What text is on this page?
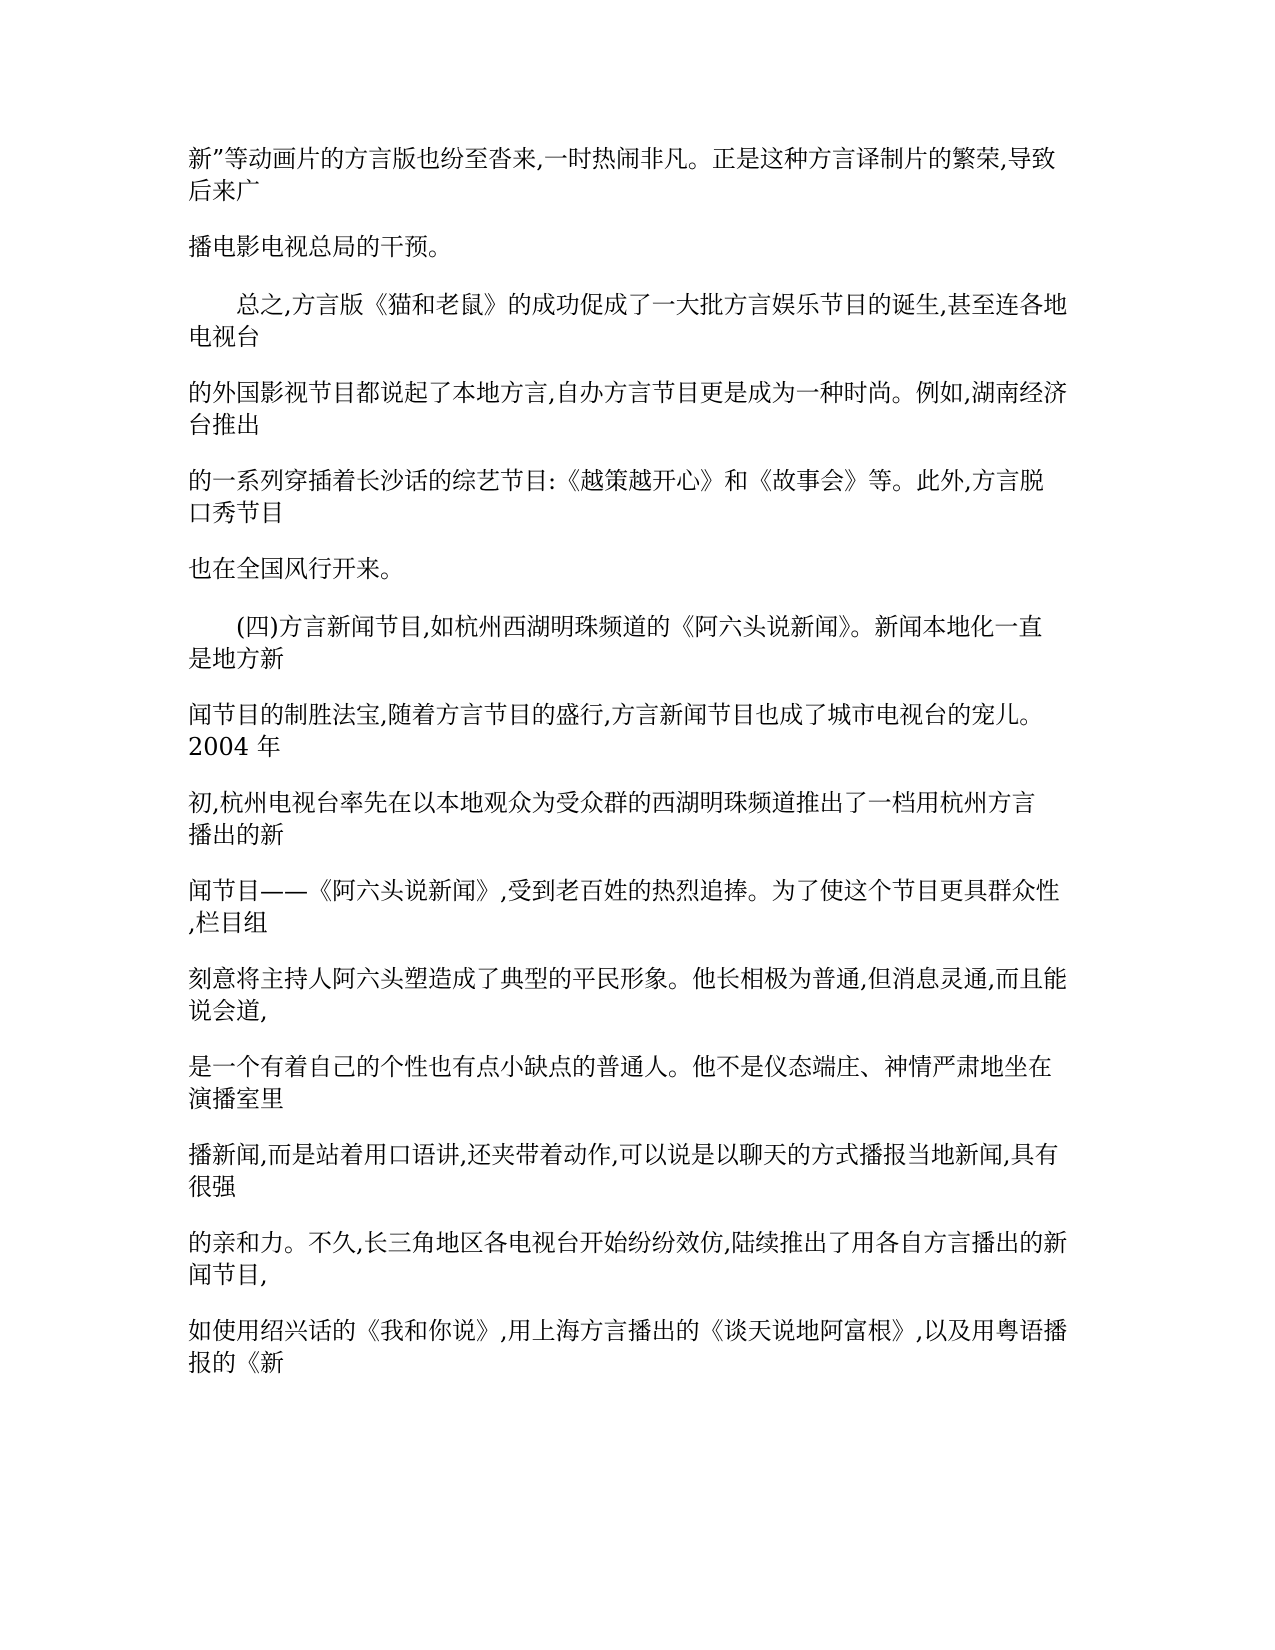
新”等动画片的方言版也纷至沓来,一时热闹非凡。正是这种方言译制片的繁荣,导致
后来广

播电影电视总局的干预。

总之,方言版《猫和老鼠》的成功促成了一大批方言娱乐节目的诞生,甚至连各地
电视台

的外国影视节目都说起了本地方言,自办方言节目更是成为一种时尚。例如,湖南经济
台推出

的一系列穿插着长沙话的综艺节目:《越策越开心》和《故事会》等。此外,方言脱
口秀节目

也在全国风行开来。

(四)方言新闻节目,如杭州西湖明珠频道的《阿六头说新闻》。新闻本地化一直
是地方新

闻节目的制胜法宝,随着方言节目的盛行,方言新闻节目也成了城市电视台的宠儿。
2004 年

初,杭州电视台率先在以本地观众为受众群的西湖明珠频道推出了一档用杭州方言
播出的新

闻节目——《阿六头说新闻》,受到老百姓的热烈追捧。为了使这个节目更具群众性
,栏目组

刻意将主持人阿六头塑造成了典型的平民形象。他长相极为普通,但消息灵通,而且能
说会道,

是一个有着自己的个性也有点小缺点的普通人。他不是仪态端庄、神情严肃地坐在
演播室里

播新闻,而是站着用口语讲,还夹带着动作,可以说是以聊天的方式播报当地新闻,具有
很强

的亲和力。不久,长三角地区各电视台开始纷纷效仿,陆续推出了用各自方言播出的新
闻节目,

如使用绍兴话的《我和你说》,用上海方言播出的《谈天说地阿富根》,以及用粤语播
报的《新
